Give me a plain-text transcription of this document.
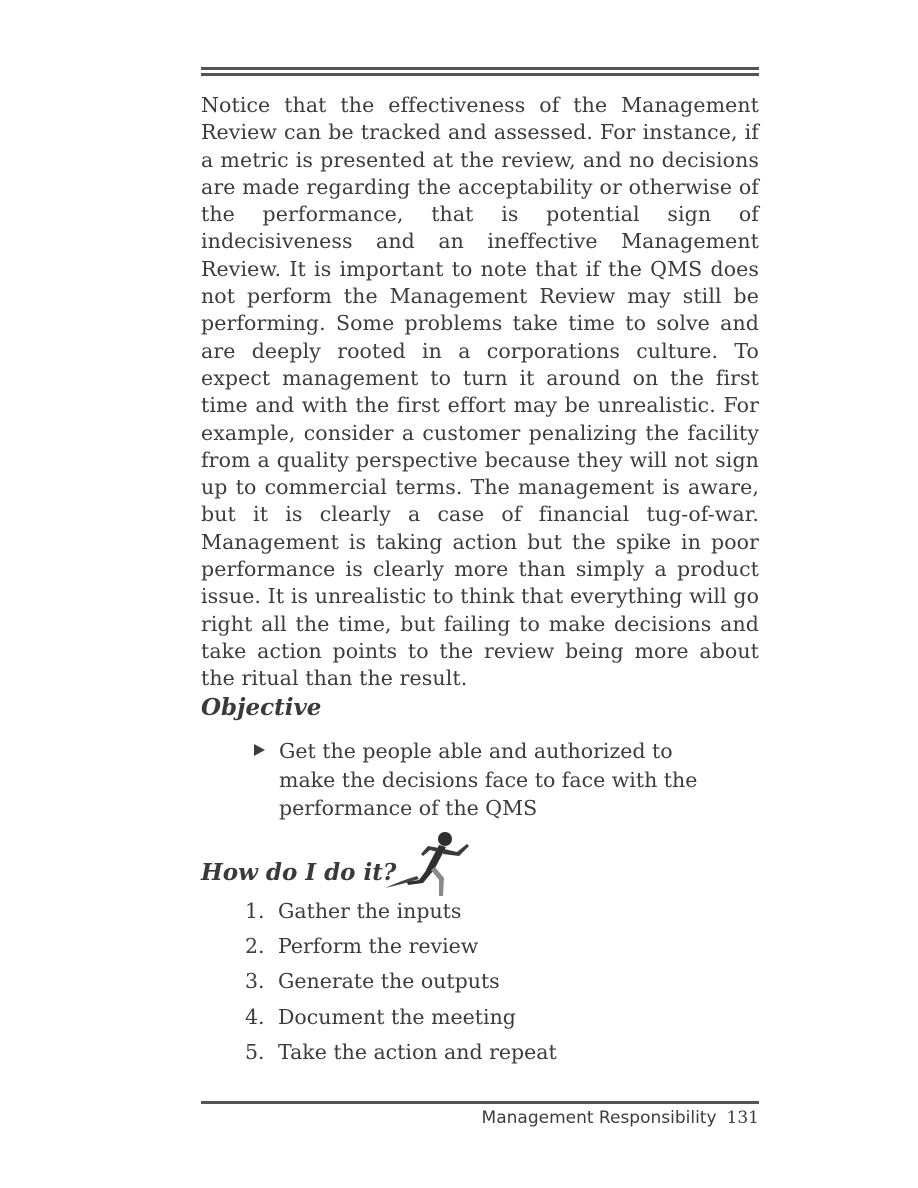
Notice that the effectiveness of the Management Review can be tracked and assessed. For instance, if a metric is presented at the review, and no decisions are made regarding the acceptability or otherwise of the performance, that is potential sign of indecisiveness and an ineffective Management Review. It is important to note that if the QMS does not perform the Management Review may still be performing. Some problems take time to solve and are deeply rooted in a corporations culture. To expect management to turn it around on the first time and with the first effort may be unrealistic. For example, consider a customer penalizing the facility from a quality perspective because they will not sign up to commercial terms. The management is aware, but it is clearly a case of financial tug-of-war. Management is taking action but the spike in poor performance is clearly more than simply a product issue. It is unrealistic to think that everything will go right all the time, but failing to make decisions and take action points to the review being more about the ritual than the result.

Objective
Get the people able and authorized to make the decisions face to face with the performance of the QMS
How do I do it?
1. Gather the inputs
2. Perform the review
3. Generate the outputs
4. Document the meeting
5. Take the action and repeat
Management Responsibility 131
